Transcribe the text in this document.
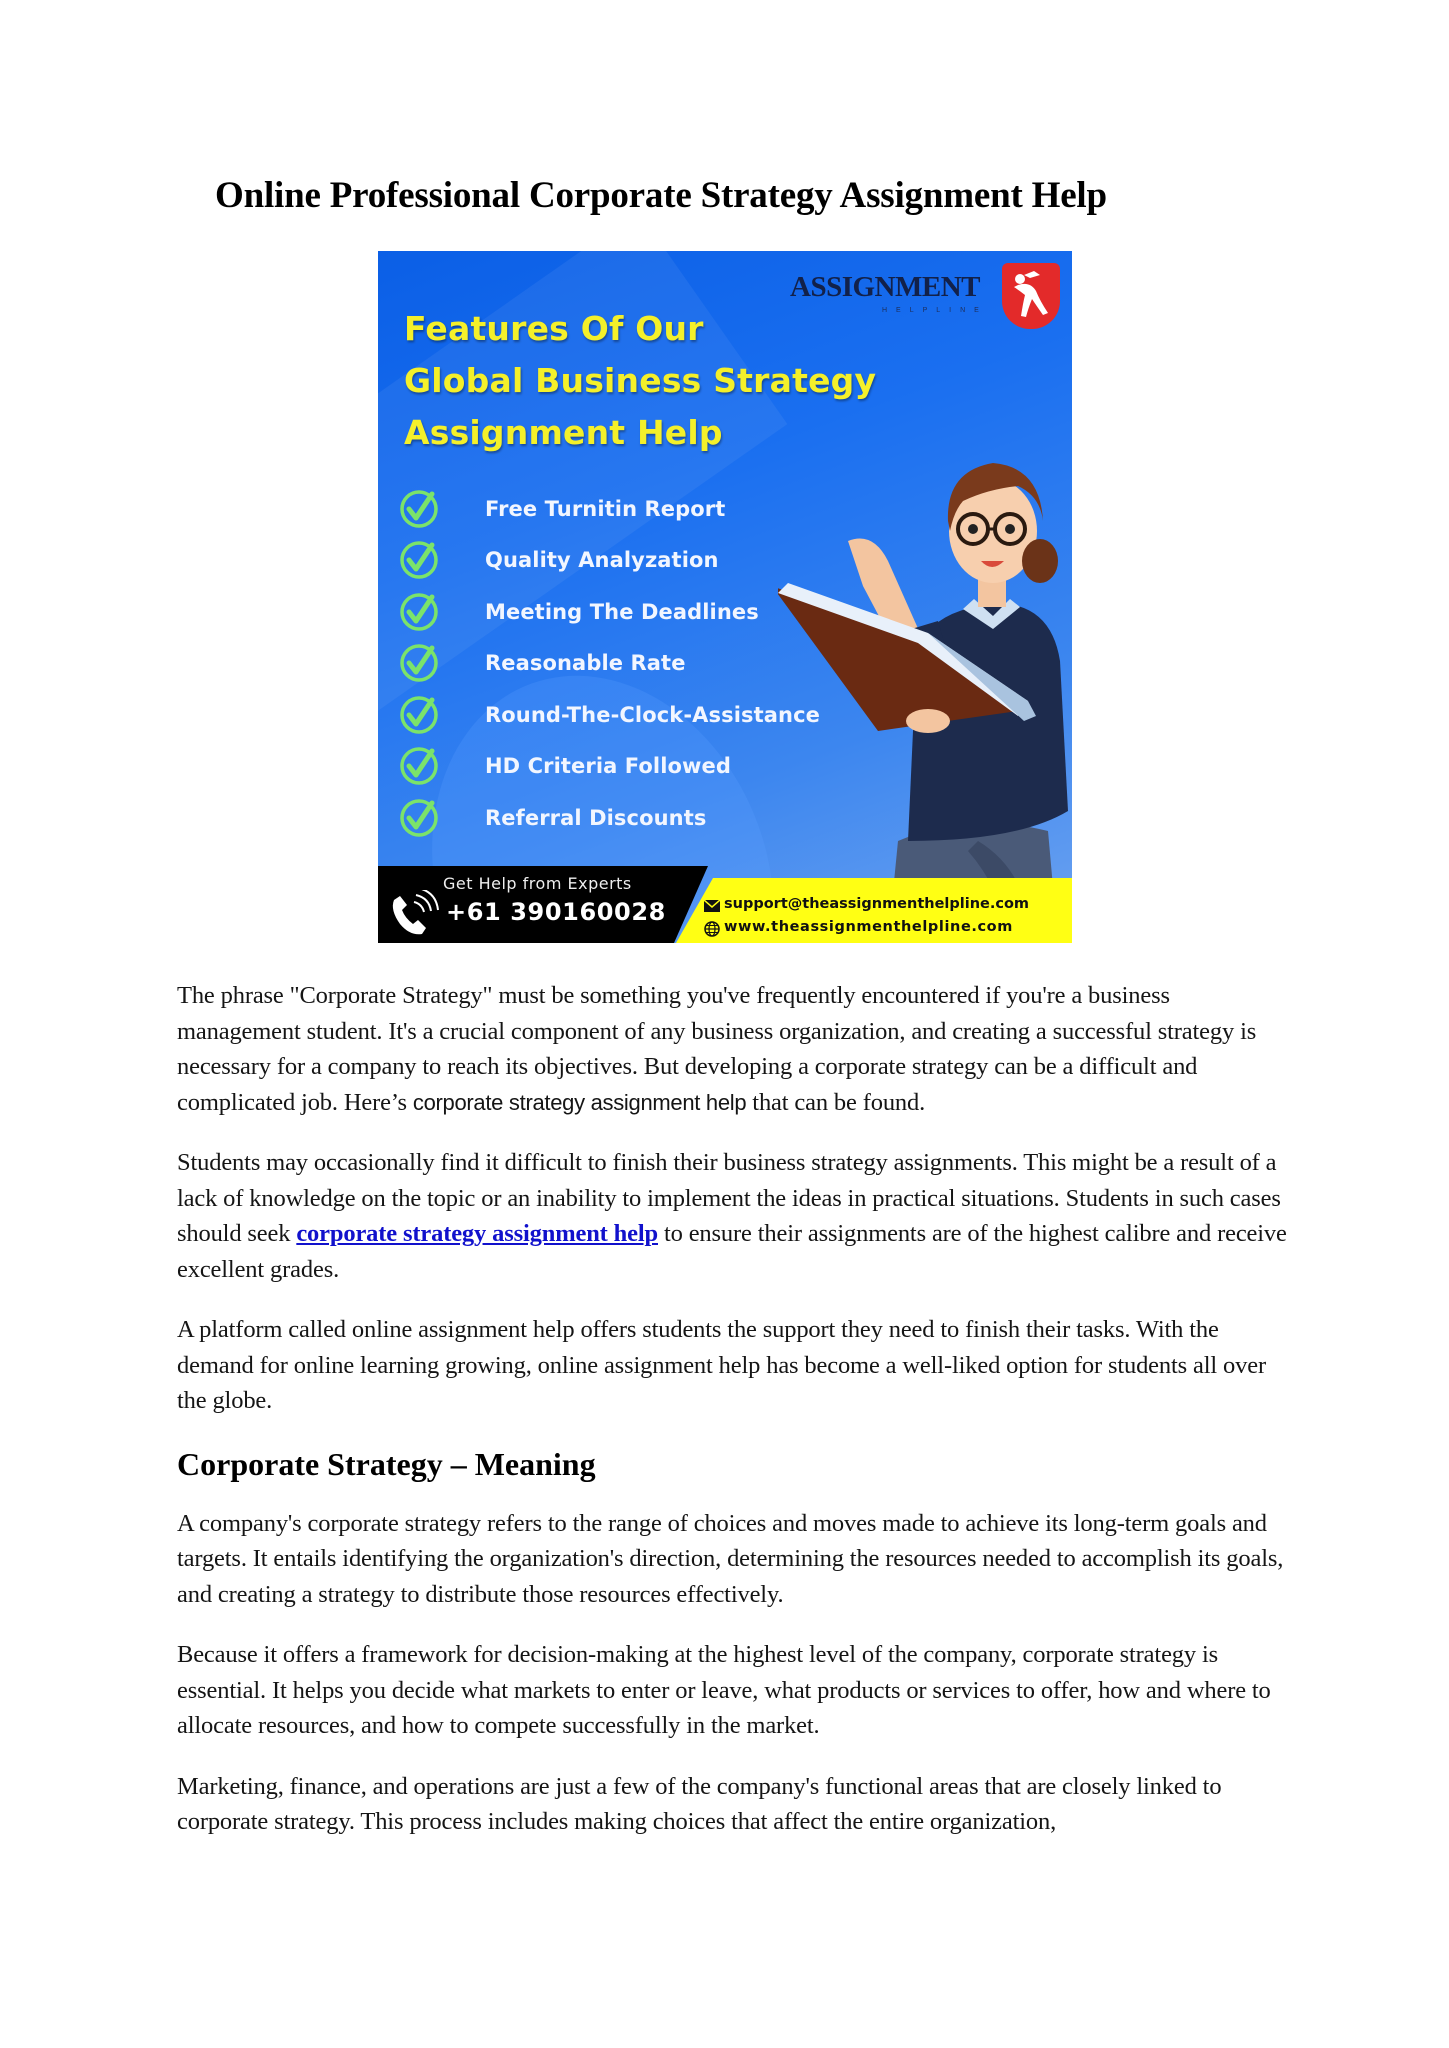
Online Professional Corporate Strategy Assignment Help
ASSIGNMENT
HELPLINE
Features Of Our
Global Business Strategy
Assignment Help
Free Turnitin Report
Quality Analyzation
Meeting The Deadlines
Reasonable Rate
Round-The-Clock-Assistance
HD Criteria Followed
Referral Discounts
Get Help from Experts
+61 390160028	support@theassignmenthelpline.com
www.theassignmenthelpline.com

The phrase "Corporate Strategy" must be something you've frequently encountered if you're a business management student. It's a crucial component of any business organization, and creating a successful strategy is necessary for a company to reach its objectives. But developing a corporate strategy can be a difficult and complicated job. Here’s corporate strategy assignment help that can be found.

Students may occasionally find it difficult to finish their business strategy assignments. This might be a result of a lack of knowledge on the topic or an inability to implement the ideas in practical situations. Students in such cases should seek corporate strategy assignment help to ensure their assignments are of the highest calibre and receive excellent grades.

A platform called online assignment help offers students the support they need to finish their tasks. With the demand for online learning growing, online assignment help has become a well-liked option for students all over the globe.

Corporate Strategy – Meaning

A company's corporate strategy refers to the range of choices and moves made to achieve its long-term goals and targets. It entails identifying the organization's direction, determining the resources needed to accomplish its goals, and creating a strategy to distribute those resources effectively.

Because it offers a framework for decision-making at the highest level of the company, corporate strategy is essential. It helps you decide what markets to enter or leave, what products or services to offer, how and where to allocate resources, and how to compete successfully in the market.

Marketing, finance, and operations are just a few of the company's functional areas that are closely linked to corporate strategy. This process includes making choices that affect the entire organization,
